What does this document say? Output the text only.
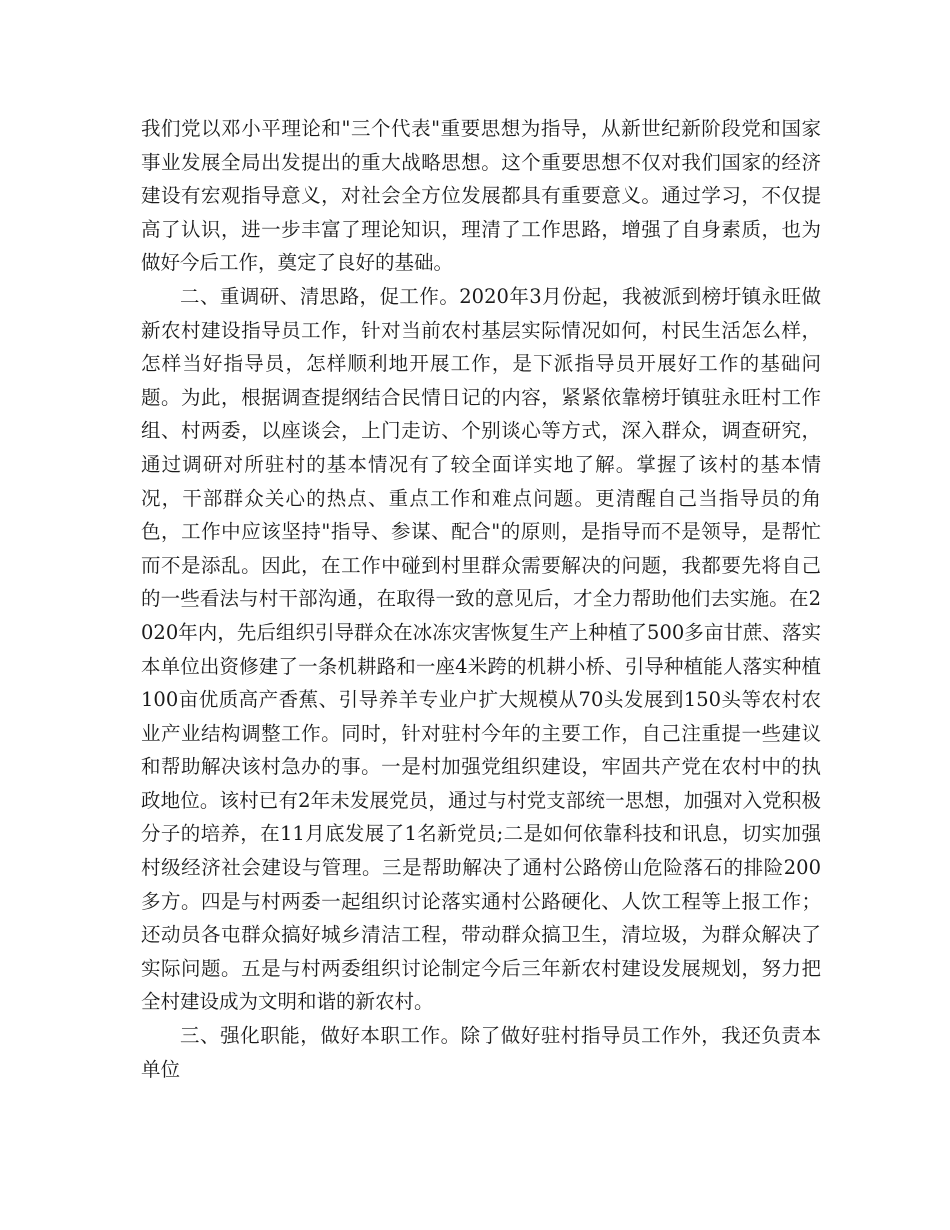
我们党以邓小平理论和"三个代表"重要思想为指导，从新世纪新阶段党和国家事业发展全局出发提出的重大战略思想。这个重要思想不仅对我们国家的经济建设有宏观指导意义，对社会全方位发展都具有重要意义。通过学习，不仅提高了认识，进一步丰富了理论知识，理清了工作思路，增强了自身素质，也为做好今后工作，奠定了良好的基础。

二、重调研、清思路，促工作。2020年3月份起，我被派到榜圩镇永旺做新农村建设指导员工作，针对当前农村基层实际情况如何，村民生活怎么样，怎样当好指导员，怎样顺利地开展工作，是下派指导员开展好工作的基础问题。为此，根据调查提纲结合民情日记的内容，紧紧依靠榜圩镇驻永旺村工作组、村两委，以座谈会，上门走访、个别谈心等方式，深入群众，调查研究，通过调研对所驻村的基本情况有了较全面详实地了解。掌握了该村的基本情况，干部群众关心的热点、重点工作和难点问题。更清醒自己当指导员的角色，工作中应该坚持"指导、参谋、配合"的原则，是指导而不是领导，是帮忙而不是添乱。因此，在工作中碰到村里群众需要解决的问题，我都要先将自己的一些看法与村干部沟通，在取得一致的意见后，才全力帮助他们去实施。在2020年内，先后组织引导群众在冰冻灾害恢复生产上种植了500多亩甘蔗、落实本单位出资修建了一条机耕路和一座4米跨的机耕小桥、引导种植能人落实种植100亩优质高产香蕉、引导养羊专业户扩大规模从70头发展到150头等农村农业产业结构调整工作。同时，针对驻村今年的主要工作，自己注重提一些建议和帮助解决该村急办的事。一是村加强党组织建设，牢固共产党在农村中的执政地位。该村已有2年未发展党员，通过与村党支部统一思想，加强对入党积极分子的培养，在11月底发展了1名新党员;二是如何依靠科技和讯息，切实加强村级经济社会建设与管理。三是帮助解决了通村公路傍山危险落石的排险200多方。四是与村两委一起组织讨论落实通村公路硬化、人饮工程等上报工作；还动员各屯群众搞好城乡清洁工程，带动群众搞卫生，清垃圾，为群众解决了实际问题。五是与村两委组织讨论制定今后三年新农村建设发展规划，努力把全村建设成为文明和谐的新农村。

三、强化职能，做好本职工作。除了做好驻村指导员工作外，我还负责本单位
